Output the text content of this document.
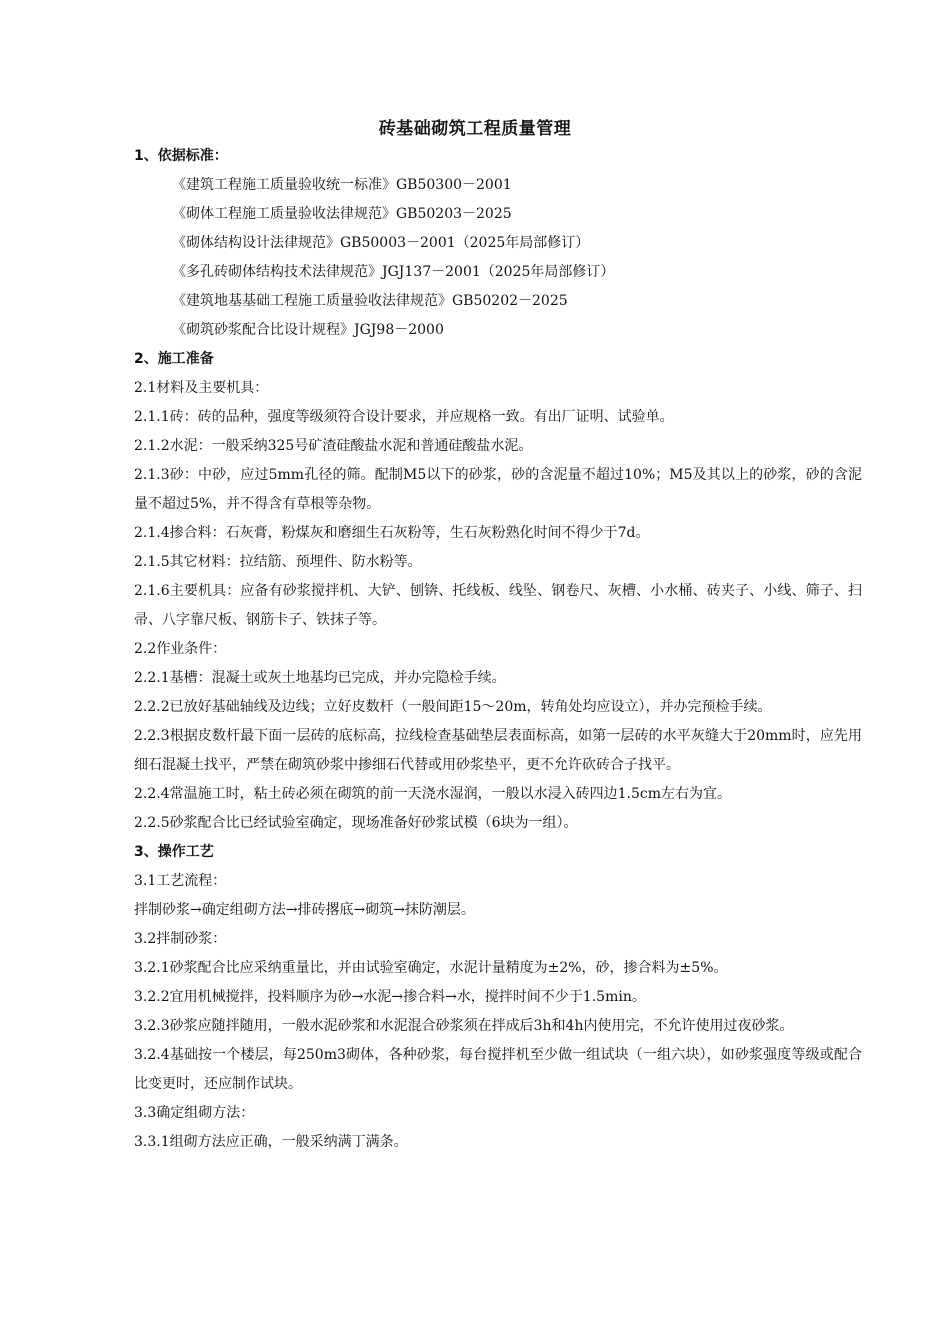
砖基础砌筑工程质量管理
1、依据标准：
《建筑工程施工质量验收统一标准》GB50300－2001
《砌体工程施工质量验收法律规范》GB50203－2025
《砌体结构设计法律规范》GB50003－2001（2025年局部修订）
《多孔砖砌体结构技术法律规范》JGJ137－2001（2025年局部修订）
《建筑地基基础工程施工质量验收法律规范》GB50202－2025
《砌筑砂浆配合比设计规程》JGJ98－2000
2、施工准备
2.1材料及主要机具：
2.1.1砖：砖的品种，强度等级须符合设计要求，并应规格一致。有出厂证明、试验单。
2.1.2水泥：一般采纳325号矿渣硅酸盐水泥和普通硅酸盐水泥。
2.1.3砂：中砂，应过5mm孔径的筛。配制M5以下的砂浆，砂的含泥量不超过10%；M5及其以上的砂浆，砂的含泥量不超过5%，并不得含有草根等杂物。
2.1.4掺合料：石灰膏，粉煤灰和磨细生石灰粉等，生石灰粉熟化时间不得少于7d。
2.1.5其它材料：拉结筋、预埋件、防水粉等。
2.1.6主要机具：应备有砂浆搅拌机、大铲、刨锛、托线板、线坠、钢卷尺、灰槽、小水桶、砖夹子、小线、筛子、扫帚、八字靠尺板、钢筋卡子、铁抹子等。
2.2作业条件：
2.2.1基槽：混凝土或灰土地基均已完成，并办完隐检手续。
2.2.2已放好基础轴线及边线；立好皮数杆（一般间距15～20m，转角处均应设立），并办完预检手续。
2.2.3根据皮数杆最下面一层砖的底标高，拉线检查基础垫层表面标高，如第一层砖的水平灰缝大于20mm时，应先用细石混凝土找平，严禁在砌筑砂浆中掺细石代替或用砂浆垫平，更不允许砍砖合子找平。
2.2.4常温施工时，粘土砖必须在砌筑的前一天浇水湿润，一般以水浸入砖四边1.5cm左右为宜。
2.2.5砂浆配合比已经试验室确定，现场准备好砂浆试模（6块为一组）。
3、操作工艺
3.1工艺流程：
拌制砂浆→确定组砌方法→排砖撂底→砌筑→抹防潮层。
3.2拌制砂浆：
3.2.1砂浆配合比应采纳重量比，并由试验室确定，水泥计量精度为±2%，砂，掺合料为±5%。
3.2.2宜用机械搅拌，投料顺序为砂→水泥→掺合料→水，搅拌时间不少于1.5min。
3.2.3砂浆应随拌随用，一般水泥砂浆和水泥混合砂浆须在拌成后3h和4h内使用完，不允许使用过夜砂浆。
3.2.4基础按一个楼层，每250m3砌体，各种砂浆，每台搅拌机至少做一组试块（一组六块），如砂浆强度等级或配合比变更时，还应制作试块。
3.3确定组砌方法：
3.3.1组砌方法应正确，一般采纳满丁满条。
